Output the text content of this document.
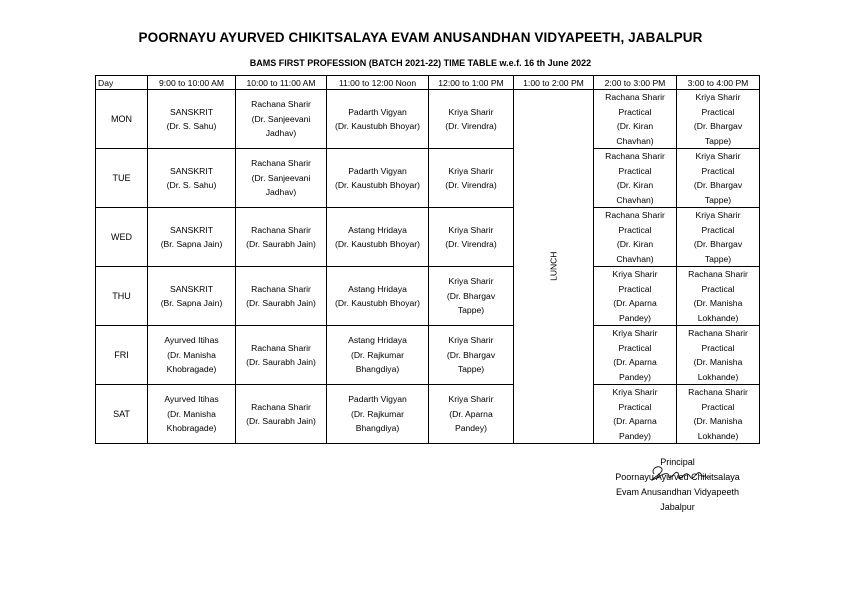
POORNAYU AYURVED CHIKITSALAYA EVAM ANUSANDHAN VIDYAPEETH, JABALPUR
BAMS FIRST PROFESSION (BATCH 2021-22) TIME TABLE w.e.f. 16 th June 2022
Day	9:00 to 10:00 AM	10:00 to 11:00 AM	11:00 to 12:00 Noon	12:00 to 1:00 PM	1:00 to 2:00 PM	2:00 to 3:00 PM	3:00 to 4:00 PM
MON	SANSKRIT
(Dr. S. Sahu)	Rachana Sharir
(Dr. Sanjeevani
Jadhav)	Padarth Vigyan
(Dr. Kaustubh Bhoyar)	Kriya Sharir
(Dr. Virendra)	LUNCH	Rachana Sharir
Practical
(Dr. Kiran
Chavhan)	Kriya Sharir
Practical
(Dr. Bhargav
Tappe)

TUE	SANSKRIT
(Dr. S. Sahu)	Rachana Sharir
(Dr. Sanjeevani
Jadhav)	Padarth Vigyan
(Dr. Kaustubh Bhoyar)	Kriya Sharir
(Dr. Virendra)		Rachana Sharir
Practical
(Dr. Kiran
Chavhan)	Kriya Sharir
Practical
(Dr. Bhargav
Tappe)

WED	SANSKRIT
(Br. Sapna Jain)	Rachana Sharir
(Dr. Saurabh Jain)	Astang Hridaya
(Dr. Kaustubh Bhoyar)	Kriya Sharir
(Dr. Virendra)		Rachana Sharir
Practical
(Dr. Kiran
Chavhan)	Kriya Sharir
Practical
(Dr. Bhargav
Tappe)

THU	SANSKRIT
(Br. Sapna Jain)	Rachana Sharir
(Dr. Saurabh Jain)	Astang Hridaya
(Dr. Kaustubh Bhoyar)	Kriya Sharir
(Dr. Bhargav
Tappe)		Kriya Sharir
Practical
(Dr. Aparna
Pandey)	Rachana Sharir
Practical
(Dr. Manisha
Lokhande)

FRI	Ayurved Itihas
(Dr. Manisha
Khobragade)	Rachana Sharir
(Dr. Saurabh Jain)	Astang Hridaya
(Dr. Rajkumar
Bhangdiya)	Kriya Sharir
(Dr. Bhargav
Tappe)		Kriya Sharir
Practical
(Dr. Aparna
Pandey)	Rachana Sharir
Practical
(Dr. Manisha
Lokhande)

SAT	Ayurved Itihas
(Dr. Manisha
Khobragade)	Rachana Sharir
(Dr. Saurabh Jain)	Padarth Vigyan
(Dr. Rajkumar
Bhangdiya)	Kriya Sharir
(Dr. Aparna
Pandey)		Kriya Sharir
Practical
(Dr. Aparna
Pandey)	Rachana Sharir
Practical
(Dr. Manisha
Lokhande)
Principal
Poornayu Ayurved Chikitsalaya
Evam Anusandhan Vidyapeeth
Jabalpur
